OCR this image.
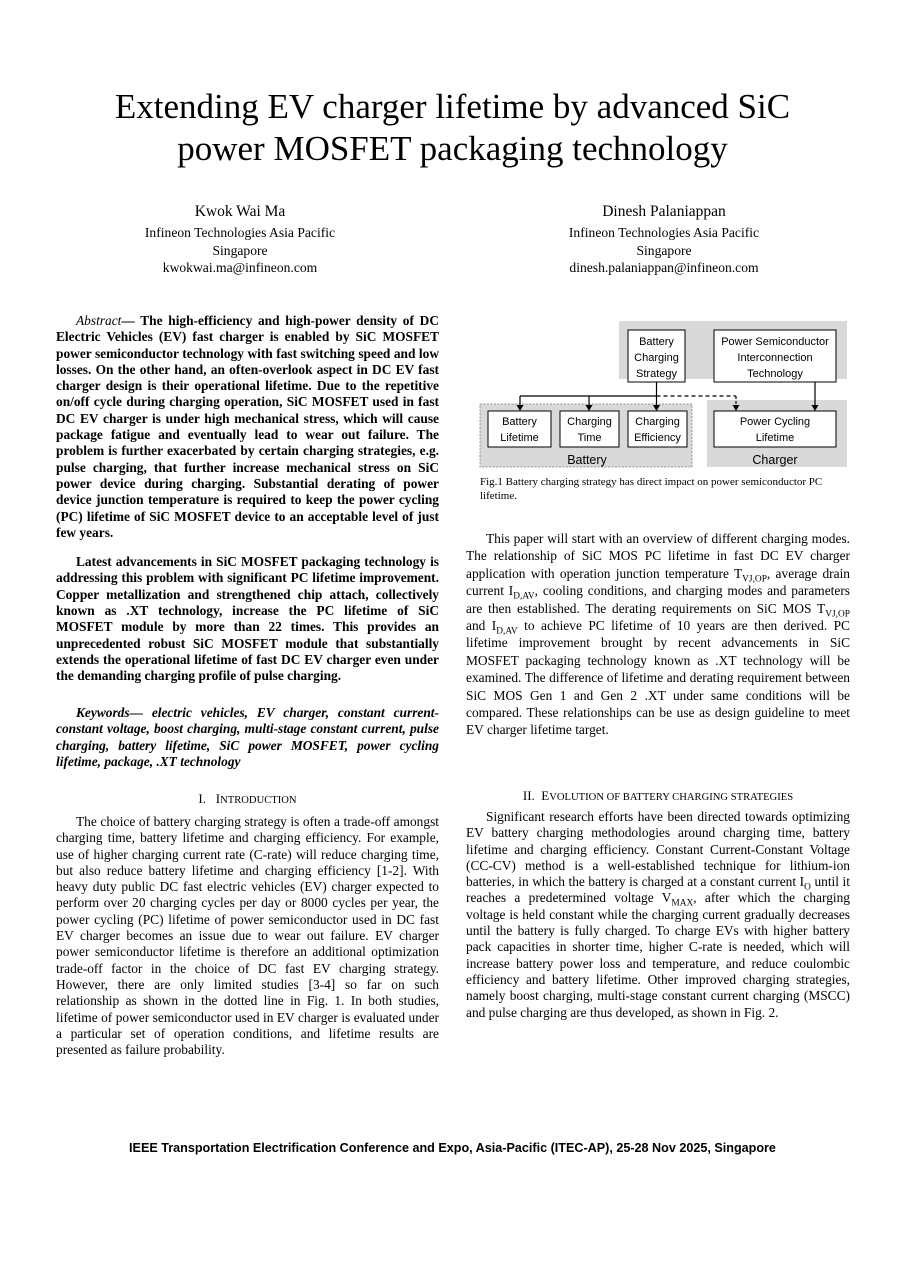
Extending EV charger lifetime by advanced SiC
power MOSFET packaging technology
Kwok Wai Ma
Infineon Technologies Asia Pacific
Singapore
kwokwai.ma@infineon.com
Dinesh Palaniappan
Infineon Technologies Asia Pacific
Singapore
dinesh.palaniappan@infineon.com

Abstract— The high-efficiency and high-power density of DC Electric Vehicles (EV) fast charger is enabled by SiC MOSFET power semiconductor technology with fast switching speed and low losses. On the other hand, an often-overlook aspect in DC EV fast charger design is their operational lifetime. Due to the repetitive on/off cycle during charging operation, SiC MOSFET used in fast DC EV charger is under high mechanical stress, which will cause package fatigue and eventually lead to wear out failure. The problem is further exacerbated by certain charging strategies, e.g. pulse charging, that further increase mechanical stress on SiC power device during charging. Substantial derating of power device junction temperature is required to keep the power cycling (PC) lifetime of SiC MOSFET device to an acceptable level of just few years.

Latest advancements in SiC MOSFET packaging technology is addressing this problem with significant PC lifetime improvement. Copper metallization and strengthened chip attach, collectively known as .XT technology, increase the PC lifetime of SiC MOSFET module by more than 22 times. This provides an unprecedented robust SiC MOSFET module that substantially extends the operational lifetime of fast DC EV charger even under the demanding charging profile of pulse charging.

Keywords— electric vehicles, EV charger, constant current-constant voltage, boost charging, multi-stage constant current, pulse charging, battery lifetime, SiC power MOSFET, power cycling lifetime, package, .XT technology

I. INTRODUCTION

The choice of battery charging strategy is often a trade-off amongst charging time, battery lifetime and charging efficiency. For example, use of higher charging current rate (C-rate) will reduce charging time, but also reduce battery lifetime and charging efficiency [1-2]. With heavy duty public DC fast electric vehicles (EV) charger expected to perform over 20 charging cycles per day or 8000 cycles per year, the power cycling (PC) lifetime of power semiconductor used in DC fast EV charger becomes an issue due to wear out failure. EV charger power semiconductor lifetime is therefore an additional optimization trade-off factor in the choice of DC fast EV charging strategy. However, there are only limited studies [3-4] so far on such relationship as shown in the dotted line in Fig. 1. In both studies, lifetime of power semiconductor used in EV charger is evaluated under a particular set of operation conditions, and lifetime results are presented as failure probability.

Battery
Charging
Strategy
Power Semiconductor
Interconnection
Technology
Battery
Lifetime
Charging
Time
Charging
Efficiency
Power Cycling
Lifetime
Battery	Charger
Fig.1 Battery charging strategy has direct impact on power semiconductor PC lifetime.

This paper will start with an overview of different charging modes. The relationship of SiC MOS PC lifetime in fast DC EV charger application with operation junction temperature $T_{VJ,OP}$, average drain current $I_{D,AV}$, cooling conditions, and charging modes and parameters are then established. The derating requirements on SiC MOS $T_{VJ,OP}$ and $I_{D,AV}$ to achieve PC lifetime of 10 years are then derived. PC lifetime improvement brought by recent advancements in SiC MOSFET packaging technology known as .XT technology will be examined. The difference of lifetime and derating requirement between SiC MOS Gen 1 and Gen 2 .XT under same conditions will be compared. These relationships can be use as design guideline to meet EV charger lifetime target.

II. EVOLUTION OF BATTERY CHARGING STRATEGIES

Significant research efforts have been directed towards optimizing EV battery charging methodologies around charging time, battery lifetime and charging efficiency. Constant Current-Constant Voltage (CC-CV) method is a well-established technique for lithium-ion batteries, in which the battery is charged at a constant current $I_O$ until it reaches a predetermined voltage $V_{MAX}$, after which the charging voltage is held constant while the charging current gradually decreases until the battery is fully charged. To charge EVs with higher battery pack capacities in shorter time, higher C-rate is needed, which will increase battery power loss and temperature, and reduce coulombic efficiency and battery lifetime. Other improved charging strategies, namely boost charging, multi-stage constant current charging (MSCC) and pulse charging are thus developed, as shown in Fig. 2.

IEEE Transportation Electrification Conference and Expo, Asia-Pacific (ITEC-AP), 25-28 Nov 2025, Singapore
